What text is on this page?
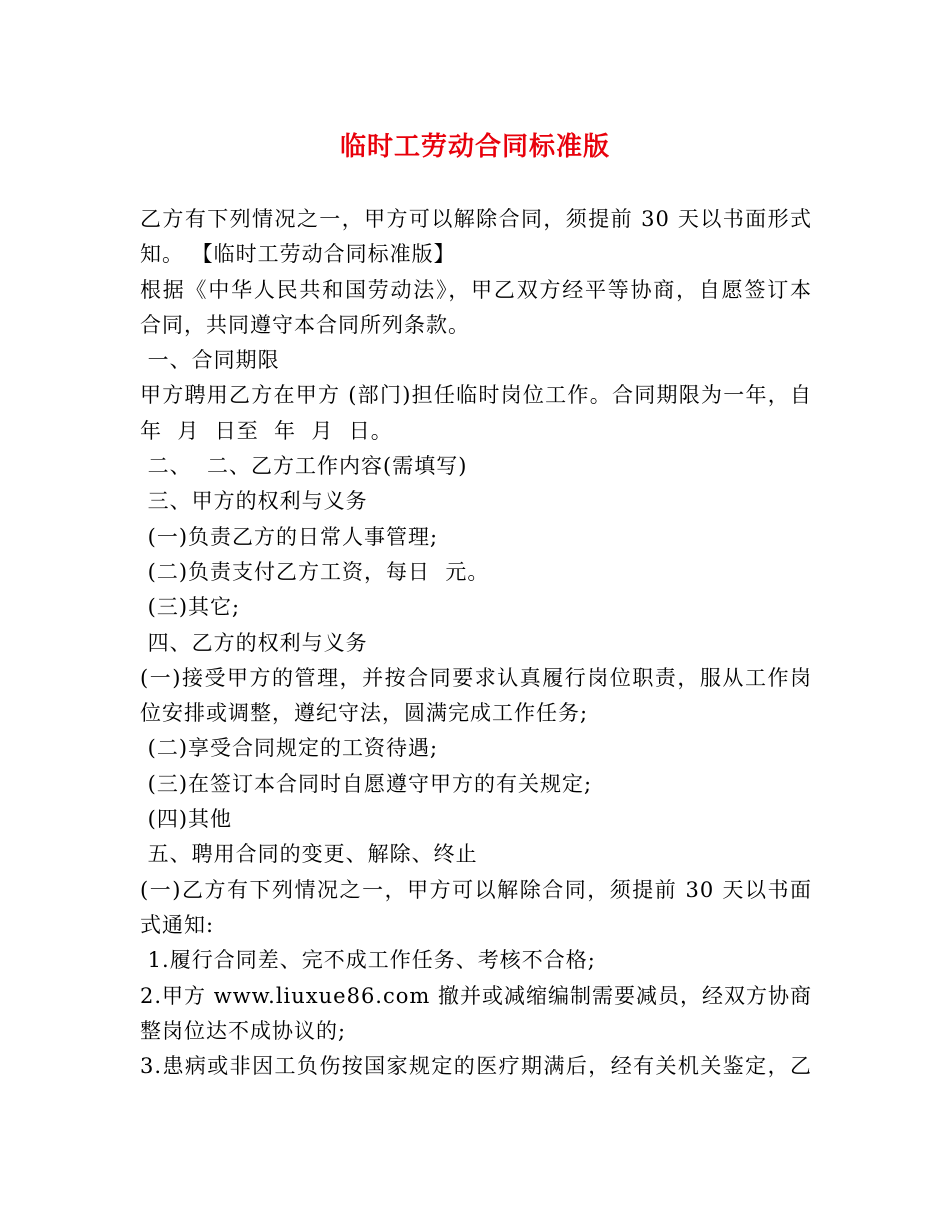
临时工劳动合同标准版
乙方有下列情况之一，甲方可以解除合同，须提前 30 天以书面形式
知。 【临时工劳动合同标准版】
根据《中华人民共和国劳动法》，甲乙双方经平等协商，自愿签订本
合同，共同遵守本合同所列条款。
一、合同期限
甲方聘用乙方在甲方 (部门)担任临时岗位工作。合同期限为一年，自
年  月  日至  年  月  日。
二、  二、乙方工作内容(需填写)
三、甲方的权利与义务
(一)负责乙方的日常人事管理;
(二)负责支付乙方工资，每日  元。
(三)其它;
四、乙方的权利与义务
(一)接受甲方的管理，并按合同要求认真履行岗位职责，服从工作岗
位安排或调整，遵纪守法，圆满完成工作任务;
(二)享受合同规定的工资待遇;
(三)在签订本合同时自愿遵守甲方的有关规定;
(四)其他
五、聘用合同的变更、解除、终止
(一)乙方有下列情况之一，甲方可以解除合同，须提前 30 天以书面
式通知:
1.履行合同差、完不成工作任务、考核不合格;
2.甲方 www.liuxue86.com 撤并或减缩编制需要减员，经双方协商
整岗位达不成协议的;
3.患病或非因工负伤按国家规定的医疗期满后，经有关机关鉴定，乙
